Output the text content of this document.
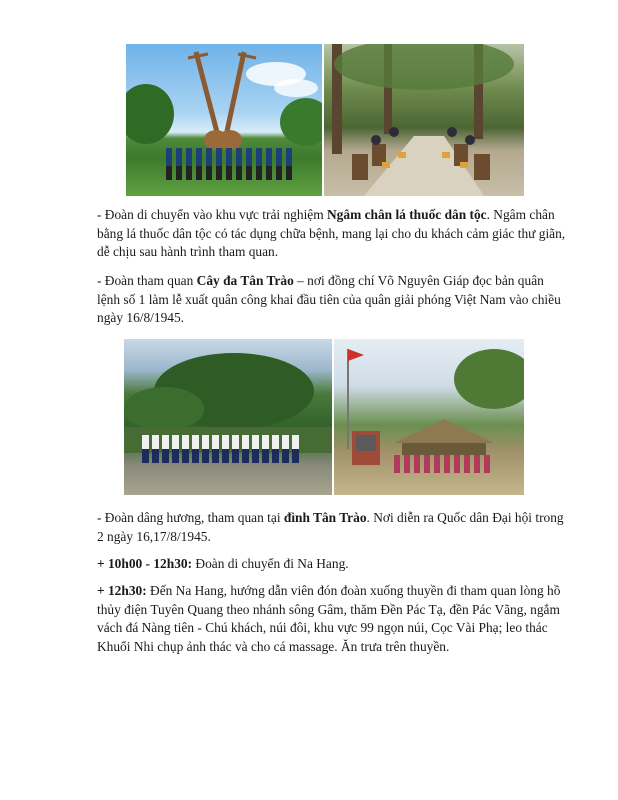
- Đoàn di chuyển vào khu vực trải nghiệm Ngâm chân lá thuốc dân tộc. Ngâm chân bằng lá thuốc dân tộc có tác dụng chữa bệnh, mang lại cho du khách cảm giác thư giãn, dễ chịu sau hành trình tham quan.

- Đoàn tham quan Cây đa Tân Trào – nơi đồng chí Võ Nguyên Giáp đọc bản quân lệnh số 1 làm lễ xuất quân công khai đầu tiên của quân giải phóng Việt Nam vào chiều ngày 16/8/1945.

- Đoàn dâng hương, tham quan tại đình Tân Trào. Nơi diễn ra Quốc dân Đại hội trong 2 ngày 16,17/8/1945.

+ 10h00 - 12h30: Đoàn di chuyển đi Na Hang.

+ 12h30: Đến Na Hang, hướng dẫn viên đón đoàn xuống thuyền đi tham quan lòng hồ thủy điện Tuyên Quang theo nhánh sông Gâm, thăm Đền Pác Tạ, đền Pác Vãng, ngắm vách đá Nàng tiên - Chú khách, núi đôi, khu vực 99 ngọn núi, Cọc Vài Phạ; leo thác Khuổi Nhi chụp ảnh thác và cho cá massage. Ăn trưa trên thuyền.
